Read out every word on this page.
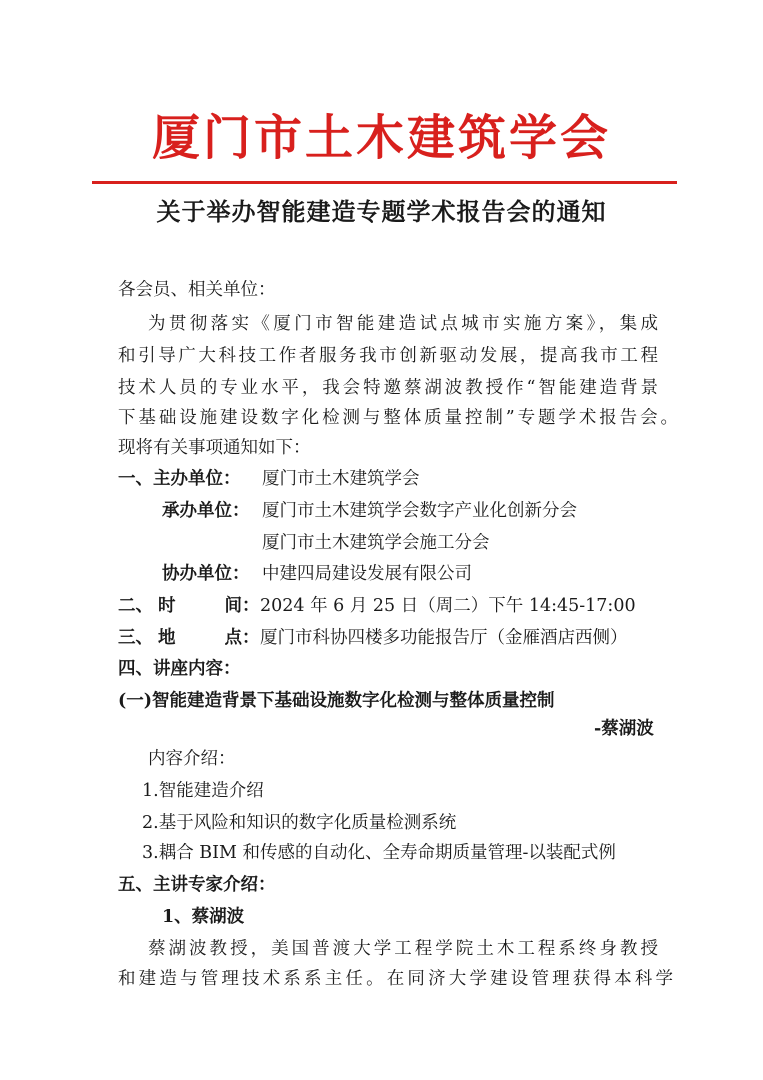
厦门市土木建筑学会
关于举办智能建造专题学术报告会的通知
各会员、相关单位：
为贯彻落实《厦门市智能建造试点城市实施方案》，集成
和引导广大科技工作者服务我市创新驱动发展，提高我市工程
技术人员的专业水平，我会特邀蔡湖波教授作“智能建造背景
下基础设施建设数字化检测与整体质量控制”专题学术报告会。
现将有关事项通知如下：
一、主办单位： 厦门市土木建筑学会
承办单位： 厦门市土木建筑学会数字产业化创新分会
厦门市土木建筑学会施工分会
协办单位： 中建四局建设发展有限公司
二、 时间 ： 2024 年 6 月 25 日（周二）下午 14:45-17:00
三、 地点 ： 厦门市科协四楼多功能报告厅（金雁酒店西侧）
四、讲座内容：
(一)智能建造背景下基础设施数字化检测与整体质量控制
-蔡湖波
内容介绍：
1.智能建造介绍
2.基于风险和知识的数字化质量检测系统
3.耦合 BIM 和传感的自动化、全寿命期质量管理-以装配式例
五、主讲专家介绍：
1、蔡湖波
蔡湖波教授，美国普渡大学工程学院土木工程系终身教授
和建造与管理技术系系主任。在同济大学建设管理获得本科学
